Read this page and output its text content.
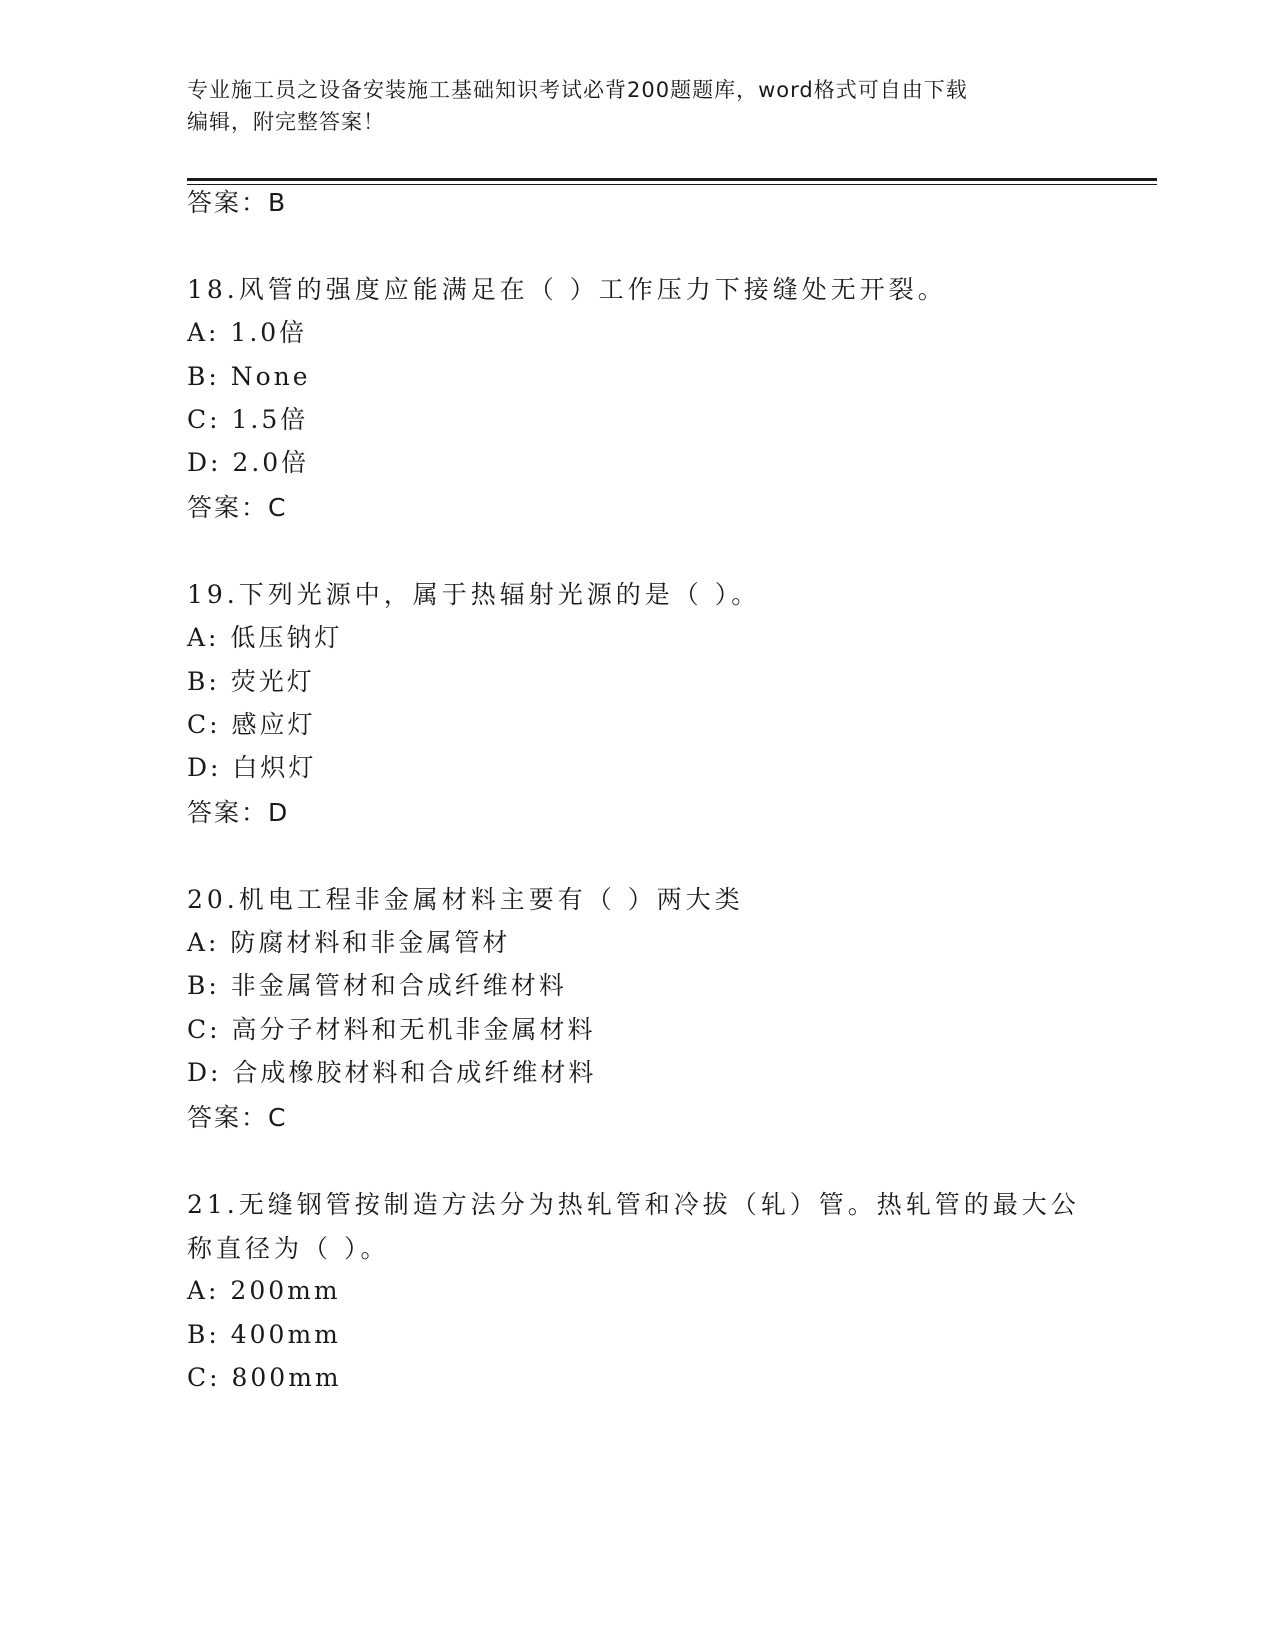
专业施工员之设备安装施工基础知识考试必背200题题库，word格式可自由下载
编辑，附完整答案！
答案：B
18.风管的强度应能满足在（ ）工作压力下接缝处无开裂。
A: 1.0倍
B: None
C: 1.5倍
D: 2.0倍
答案：C
19.下列光源中，属于热辐射光源的是（ ）。
A: 低压钠灯
B: 荧光灯
C: 感应灯
D: 白炽灯
答案：D
20.机电工程非金属材料主要有（ ）两大类
A: 防腐材料和非金属管材
B: 非金属管材和合成纤维材料
C: 高分子材料和无机非金属材料
D: 合成橡胶材料和合成纤维材料
答案：C
21.无缝钢管按制造方法分为热轧管和冷拔（轧）管。热轧管的最大公
称直径为（ ）。
A: 200mm
B: 400mm
C: 800mm
